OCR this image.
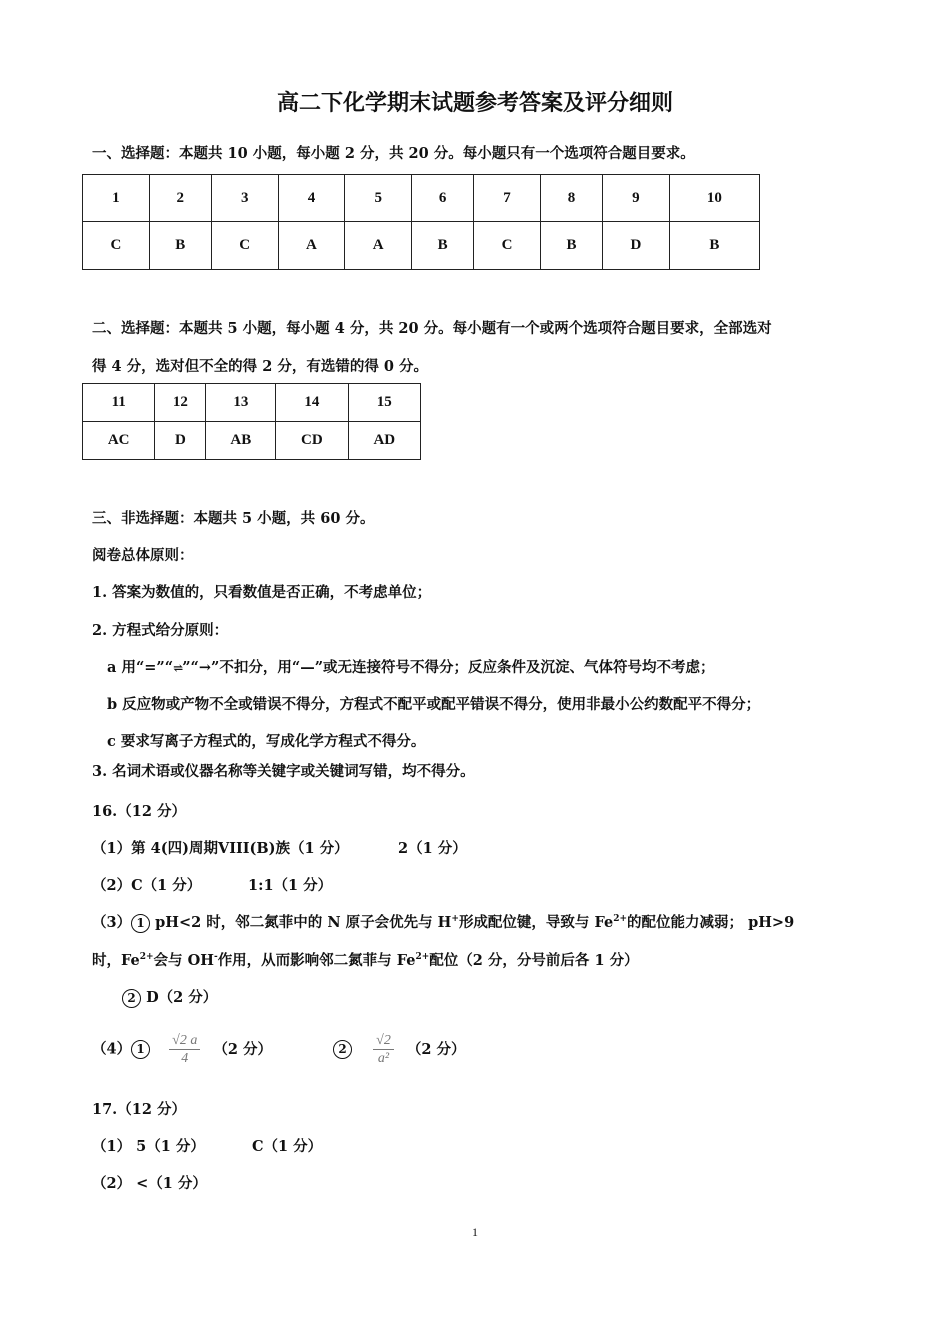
高二下化学期末试题参考答案及评分细则
一、选择题：本题共 10 小题，每小题 2 分，共 20 分。每小题只有一个选项符合题目要求。
1	2	3	4	5	6	7	8	9	10
C	B	C	A	A	B	C	B	D	B
二、选择题：本题共 5 小题，每小题 4 分，共 20 分。每小题有一个或两个选项符合题目要求，全部选对
得 4 分，选对但不全的得 2 分，有选错的得 0 分。
11	12	13	14	15
AC	D	AB	CD	AD
三、非选择题：本题共 5 小题，共 60 分。
阅卷总体原则：
1. 答案为数值的，只看数值是否正确，不考虑单位；
2. 方程式给分原则：
a 用“=”“⇌”“→”不扣分，用“—”或无连接符号不得分；反应条件及沉淀、气体符号均不考虑；
b 反应物或产物不全或错误不得分，方程式不配平或配平错误不得分，使用非最小公约数配平不得分；
c 要求写离子方程式的，写成化学方程式不得分。
3. 名词术语或仪器名称等关键字或关键词写错，均不得分。
16.（12 分）
（1）第 4(四)周期VIII(B)族（1 分）	2（1 分）
（2）C（1 分）	1:1（1 分）
（3） 1 pH<2 时，邻二氮菲中的 N 原子会优先与 H+形成配位键，导致与 $Fe^{2+}$的配位能力减弱； pH>9
时，$Fe^{2+}$会与 OH-作用，从而影响邻二氮菲与 $Fe^{2+}$配位（2 分，分号前后各 1 分）
2 D（2 分）
（4） $1 \frac{√2 a}{4} (2$ 分）	$2 \frac{√2}{\text{a²}} (2$ 分）
17.（12 分）
（1） 5（1 分）	C（1 分）
（2） <（1 分）
1
